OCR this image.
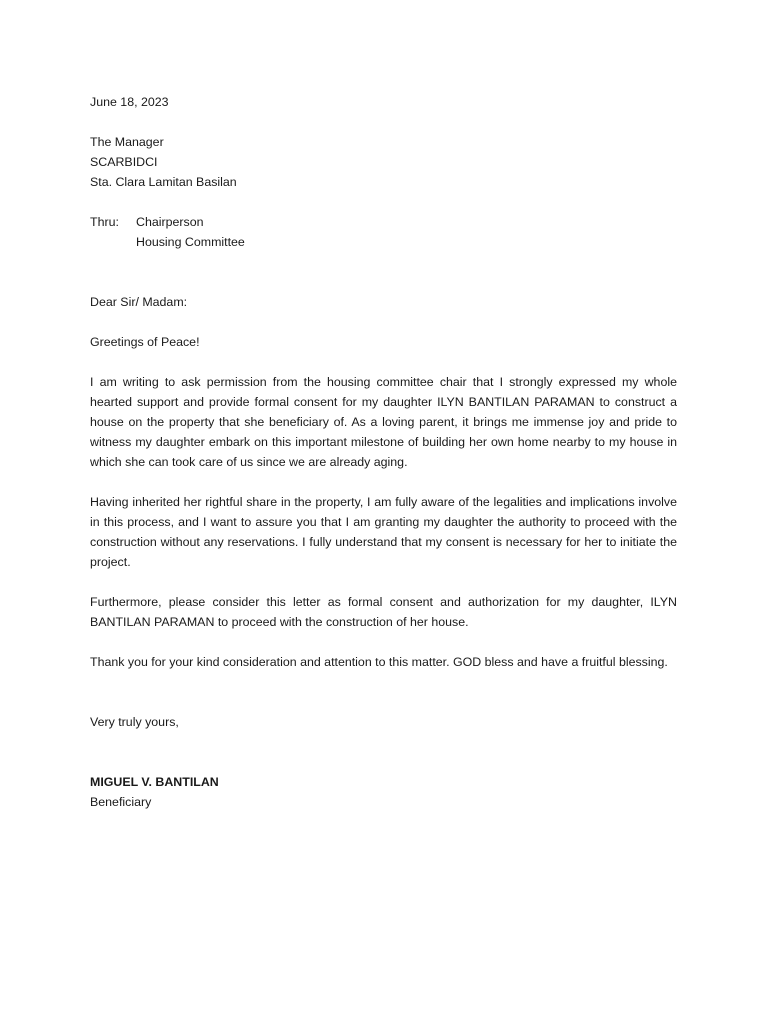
June 18, 2023
The Manager
SCARBIDCI
Sta. Clara Lamitan Basilan
Thru:	Chairperson
Housing Committee
Dear Sir/ Madam:
Greetings of Peace!

I am writing to ask permission from the housing committee chair that I strongly expressed my whole hearted support and provide formal consent for my daughter ILYN BANTILAN PARAMAN to construct a house on the property that she beneficiary of. As a loving parent, it brings me immense joy and pride to witness my daughter embark on this important milestone of building her own home nearby to my house in which she can took care of us since we are already aging.

Having inherited her rightful share in the property, I am fully aware of the legalities and implications involve in this process, and I want to assure you that I am granting my daughter the authority to proceed with the construction without any reservations. I fully understand that my consent is necessary for her to initiate the project.

Furthermore, please consider this letter as formal consent and authorization for my daughter, ILYN BANTILAN PARAMAN to proceed with the construction of her house.

Thank you for your kind consideration and attention to this matter. GOD bless and have a fruitful blessing.

Very truly yours,
MIGUEL V. BANTILAN
Beneficiary
